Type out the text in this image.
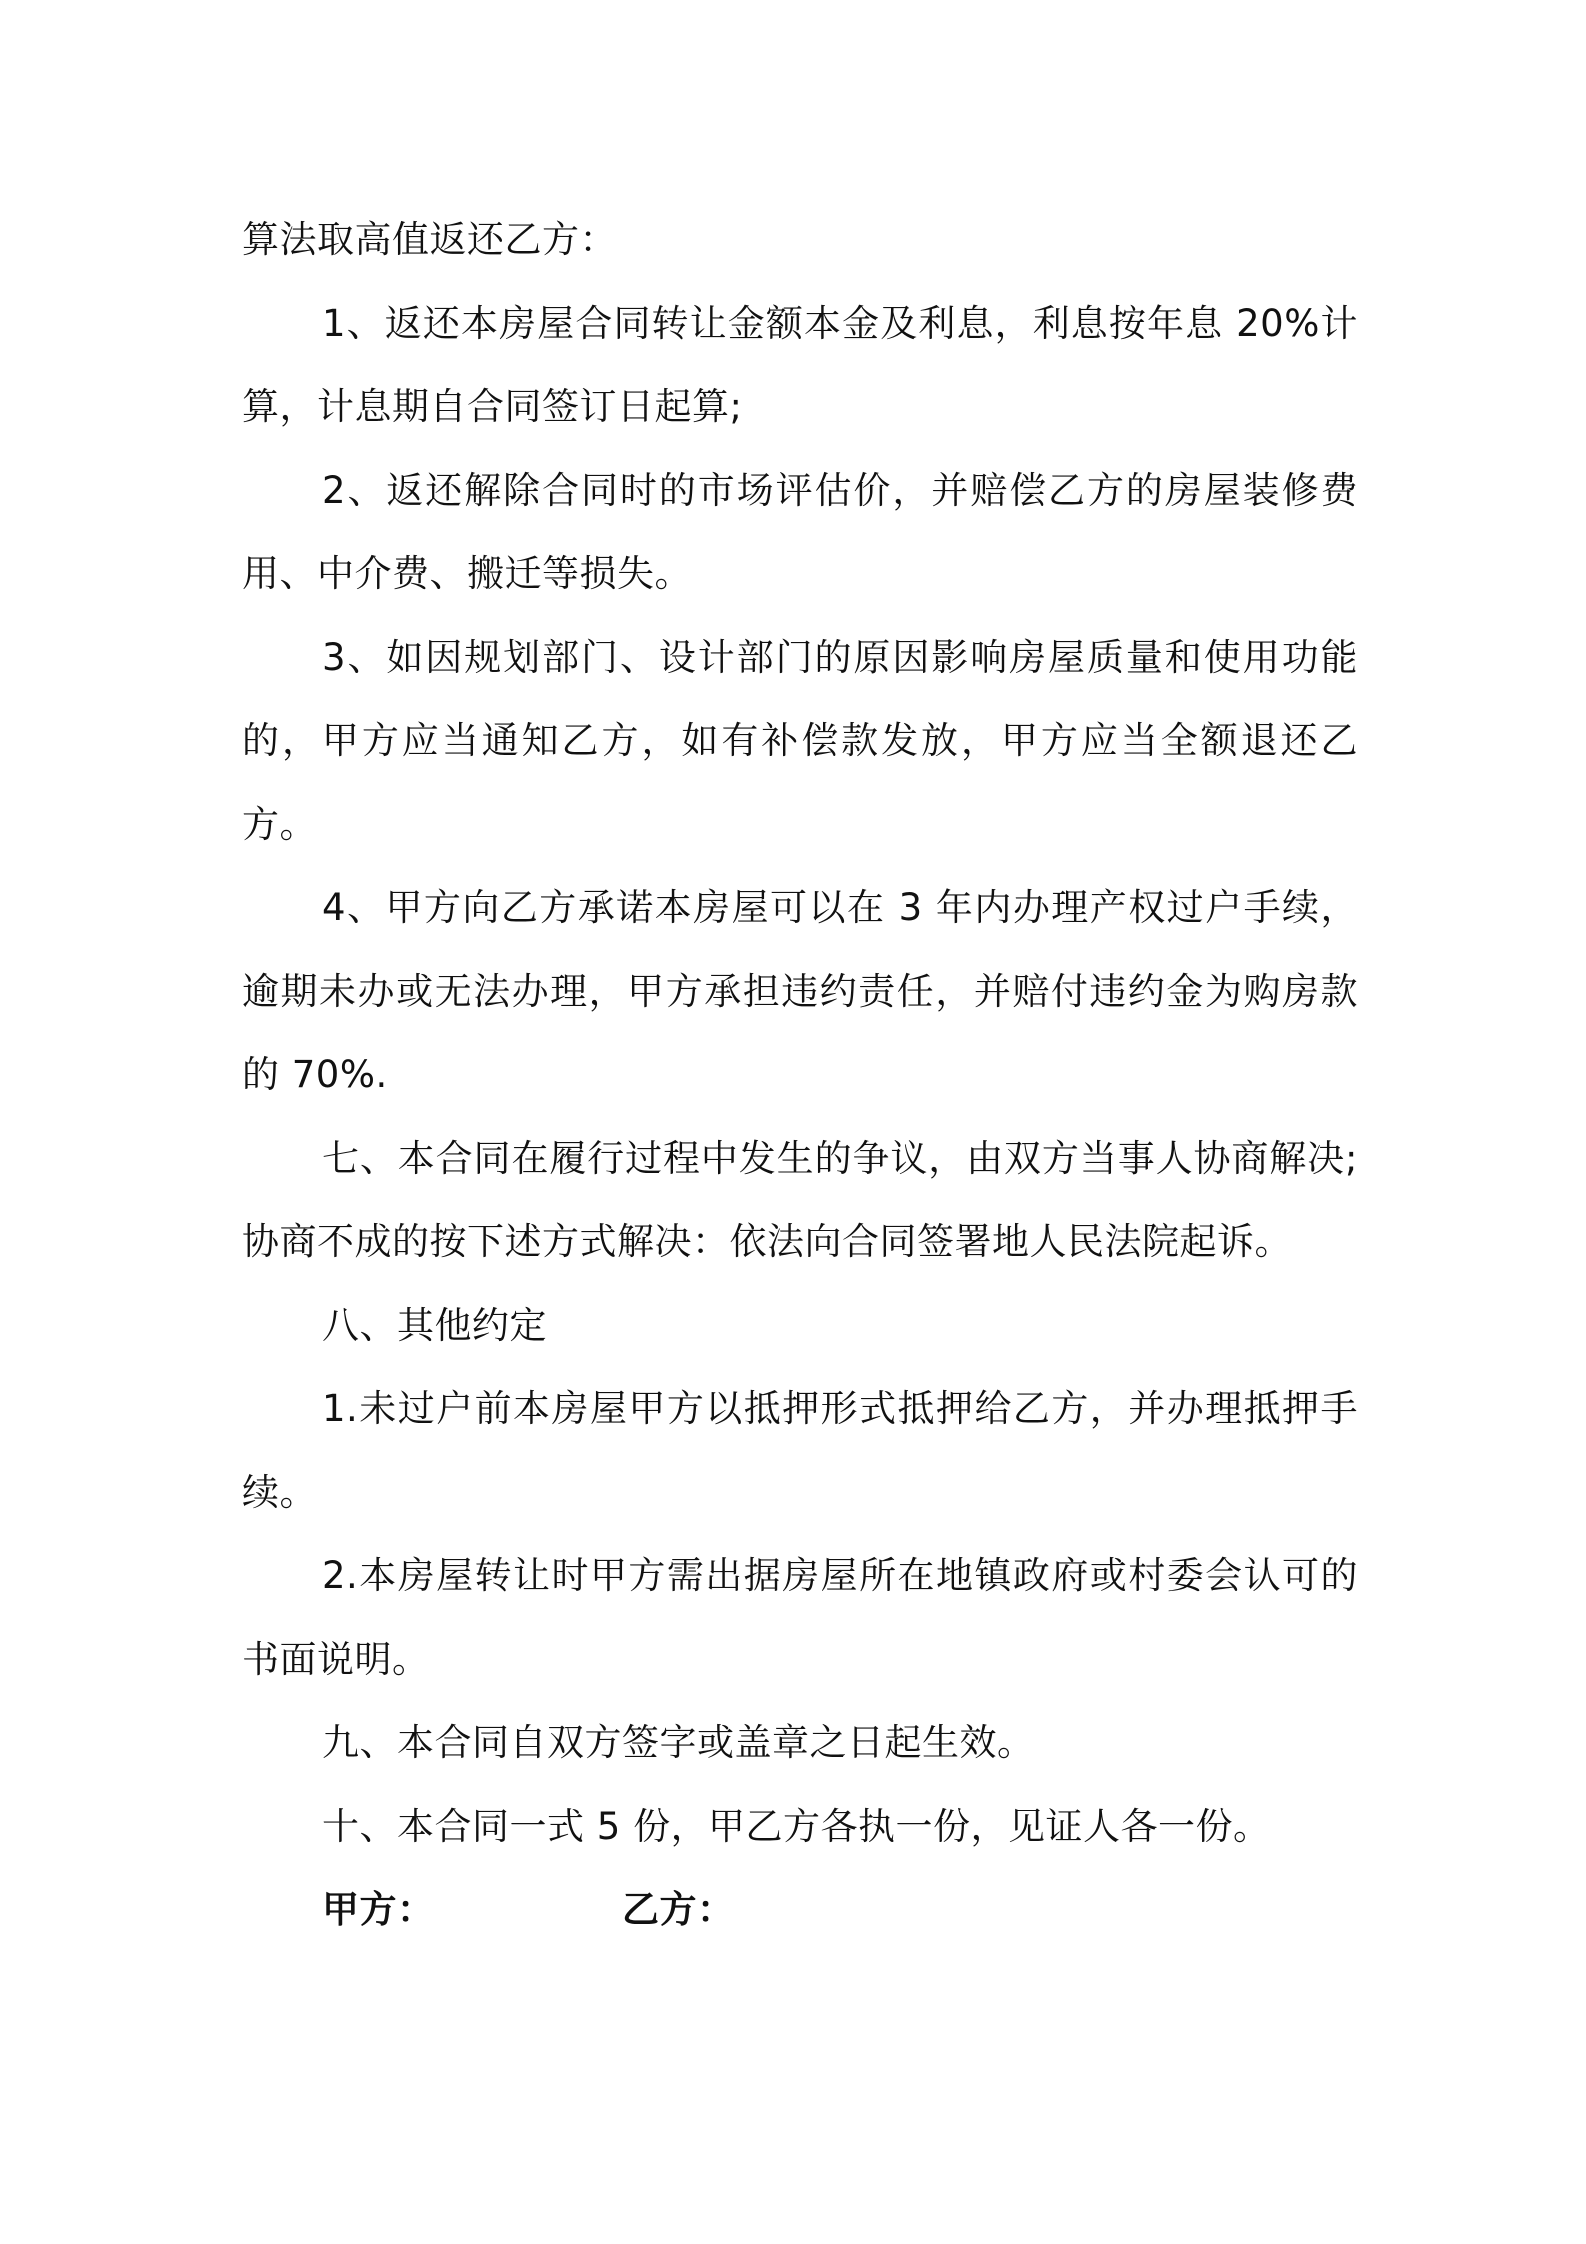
算法取高值返还乙方：

1、返还本房屋合同转让金额本金及利息，利息按年息 20%计算，计息期自合同签订日起算;

2、返还解除合同时的市场评估价，并赔偿乙方的房屋装修费用、中介费、搬迁等损失。

3、如因规划部门、设计部门的原因影响房屋质量和使用功能的，甲方应当通知乙方，如有补偿款发放，甲方应当全额退还乙方。

4、甲方向乙方承诺本房屋可以在 3 年内办理产权过户手续，逾期未办或无法办理，甲方承担违约责任，并赔付违约金为购房款的 70%.

七、本合同在履行过程中发生的争议，由双方当事人协商解决;协商不成的按下述方式解决：依法向合同签署地人民法院起诉。

八、其他约定

1.未过户前本房屋甲方以抵押形式抵押给乙方，并办理抵押手续。

2.本房屋转让时甲方需出据房屋所在地镇政府或村委会认可的书面说明。

九、本合同自双方签字或盖章之日起生效。

十、本合同一式 5 份，甲乙方各执一份，见证人各一份。

甲方：	乙方：
